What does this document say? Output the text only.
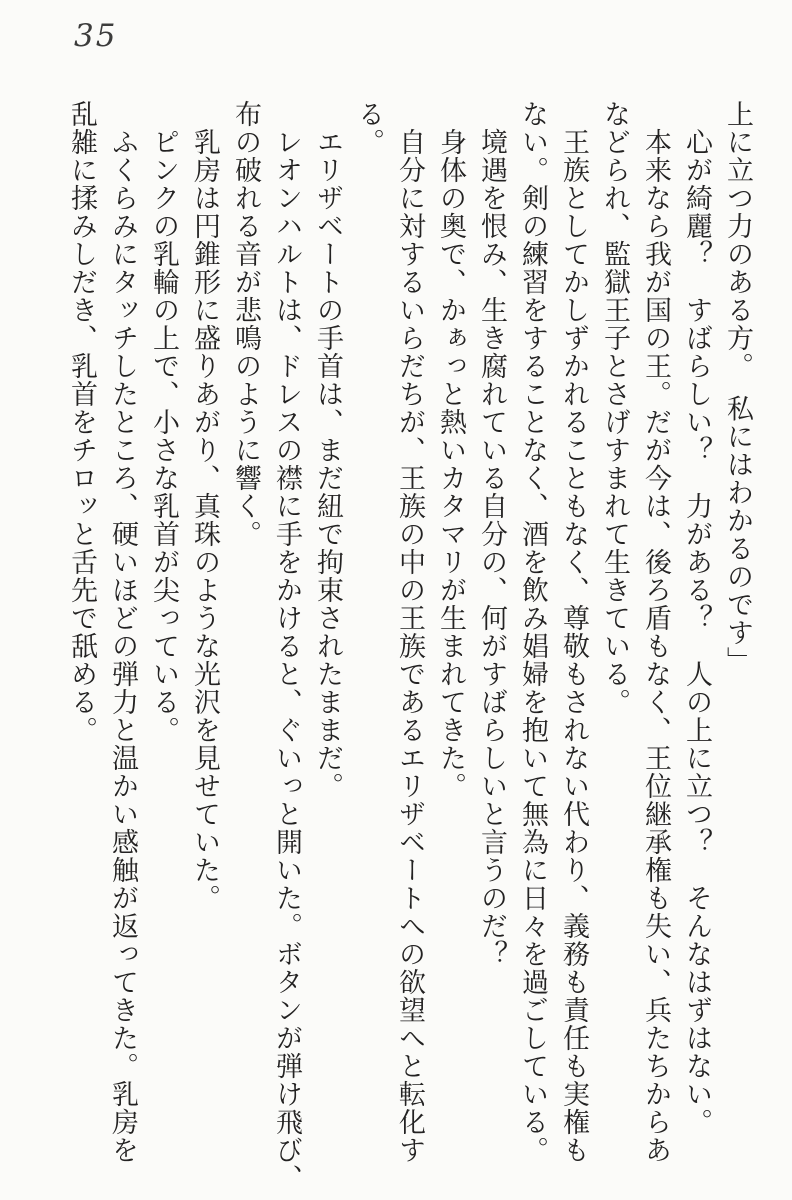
35

上に立つ力のある方。　私にはわかるのです」

心が綺麗？　すばらしい？　力がある？　人の上に立つ？　そんなはずはない。

本来なら我が国の王。だが今は、後ろ盾もなく、王位継承権も失い、兵たちからあ

などられ、監獄王子とさげすまれて生きている。

王族としてかしずかれることもなく、尊敬もされない代わり、義務も責任も実権も

ない。剣の練習をすることなく、酒を飲み娼婦を抱いて無為に日々を過ごしている。

境遇を恨み、生き腐れている自分の、何がすばらしいと言うのだ？

身体の奥で、かぁっと熱いカタマリが生まれてきた。

自分に対するいらだちが、王族の中の王族であるエリザベートへの欲望へと転化す

る。

エリザベートの手首は、まだ紐で拘束されたままだ。

レオンハルトは、ドレスの襟に手をかけると、ぐいっと開いた。ボタンが弾け飛び、

布の破れる音が悲鳴のように響く。

乳房は円錐形に盛りあがり、真珠のような光沢を見せていた。

ピンクの乳輪の上で、小さな乳首が尖っている。

ふくらみにタッチしたところ、硬いほどの弾力と温かい感触が返ってきた。乳房を

乱雑に揉みしだき、乳首をチロッと舌先で舐める。
